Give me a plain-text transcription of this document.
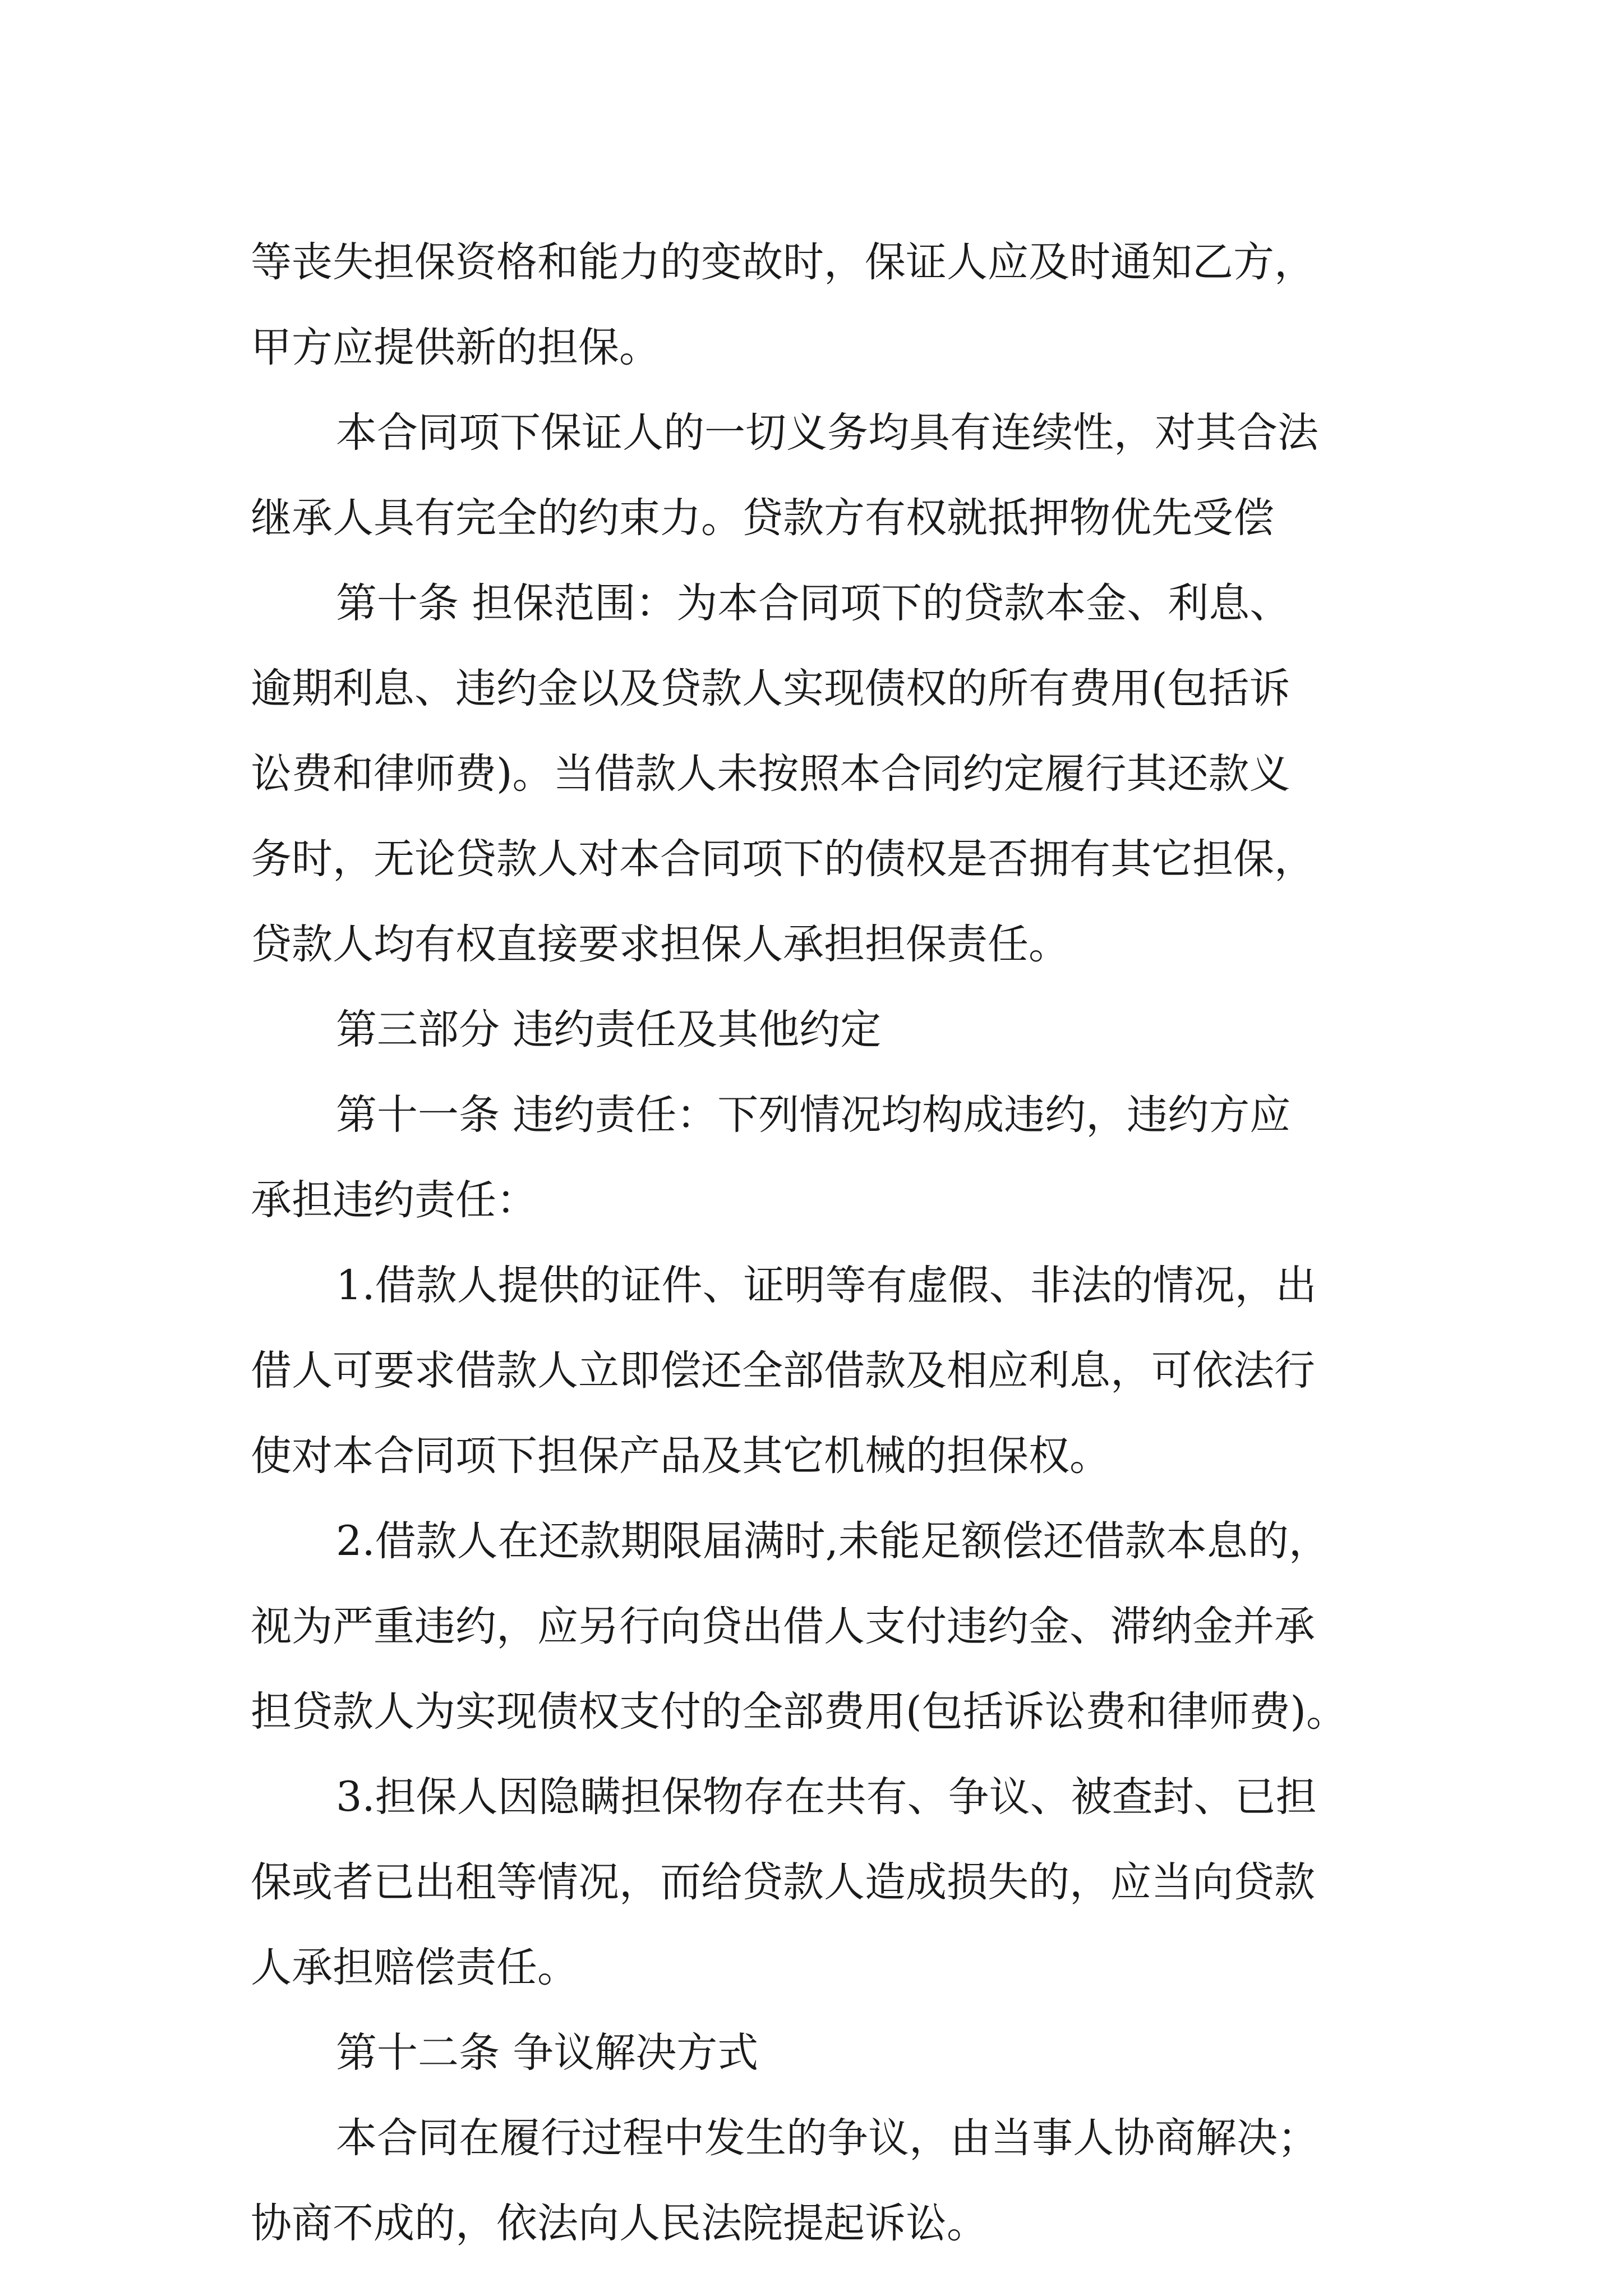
等丧失担保资格和能力的变故时，保证人应及时通知乙方，
甲方应提供新的担保。
本合同项下保证人的一切义务均具有连续性，对其合法
继承人具有完全的约束力。贷款方有权就抵押物优先受偿
第十条 担保范围：为本合同项下的贷款本金、利息、
逾期利息、违约金以及贷款人实现债权的所有费用(包括诉
讼费和律师费)。当借款人未按照本合同约定履行其还款义
务时，无论贷款人对本合同项下的债权是否拥有其它担保，
贷款人均有权直接要求担保人承担担保责任。
第三部分 违约责任及其他约定
第十一条 违约责任：下列情况均构成违约，违约方应
承担违约责任：
1.借款人提供的证件、证明等有虚假、非法的情况，出
借人可要求借款人立即偿还全部借款及相应利息，可依法行
使对本合同项下担保产品及其它机械的担保权。
2.借款人在还款期限届满时,未能足额偿还借款本息的，
视为严重违约，应另行向贷出借人支付违约金、滞纳金并承
担贷款人为实现债权支付的全部费用(包括诉讼费和律师费)。
3.担保人因隐瞒担保物存在共有、争议、被查封、已担
保或者已出租等情况，而给贷款人造成损失的，应当向贷款
人承担赔偿责任。
第十二条 争议解决方式
本合同在履行过程中发生的争议，由当事人协商解决；
协商不成的，依法向人民法院提起诉讼。
